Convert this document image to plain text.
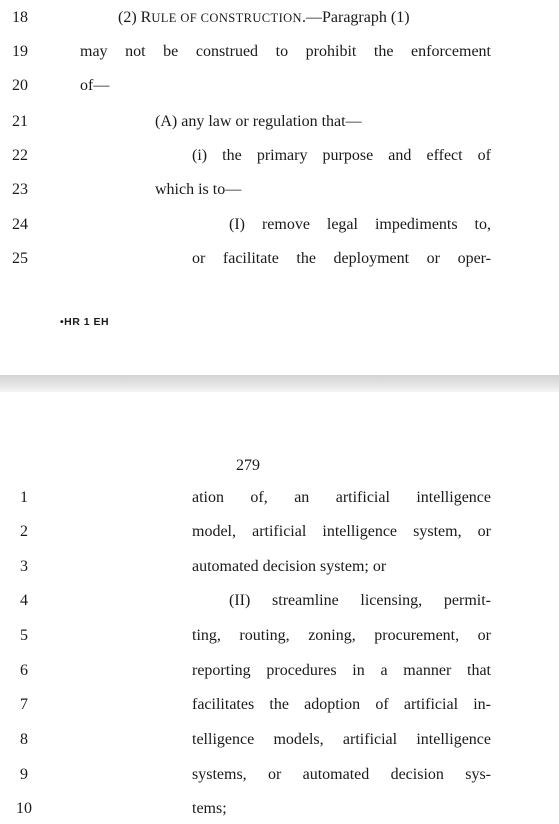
18
19
20
21
22
23
24
25
(2) RULE OF CONSTRUCTION.—Paragraph (1)
may not be construed to prohibit the enforcement
of—
(A) any law or regulation that—
(i) the primary purpose and effect of
which is to—
(I) remove legal impediments to,
or facilitate the deployment or oper-
•HR 1 EH
279
1
2
3
4
5
6
7
8
9
10
ation of, an artificial intelligence
model, artificial intelligence system, or
automated decision system; or
(II) streamline licensing, permit-
ting, routing, zoning, procurement, or
reporting procedures in a manner that
facilitates the adoption of artificial in-
telligence models, artificial intelligence
systems, or automated decision sys-
tems;
